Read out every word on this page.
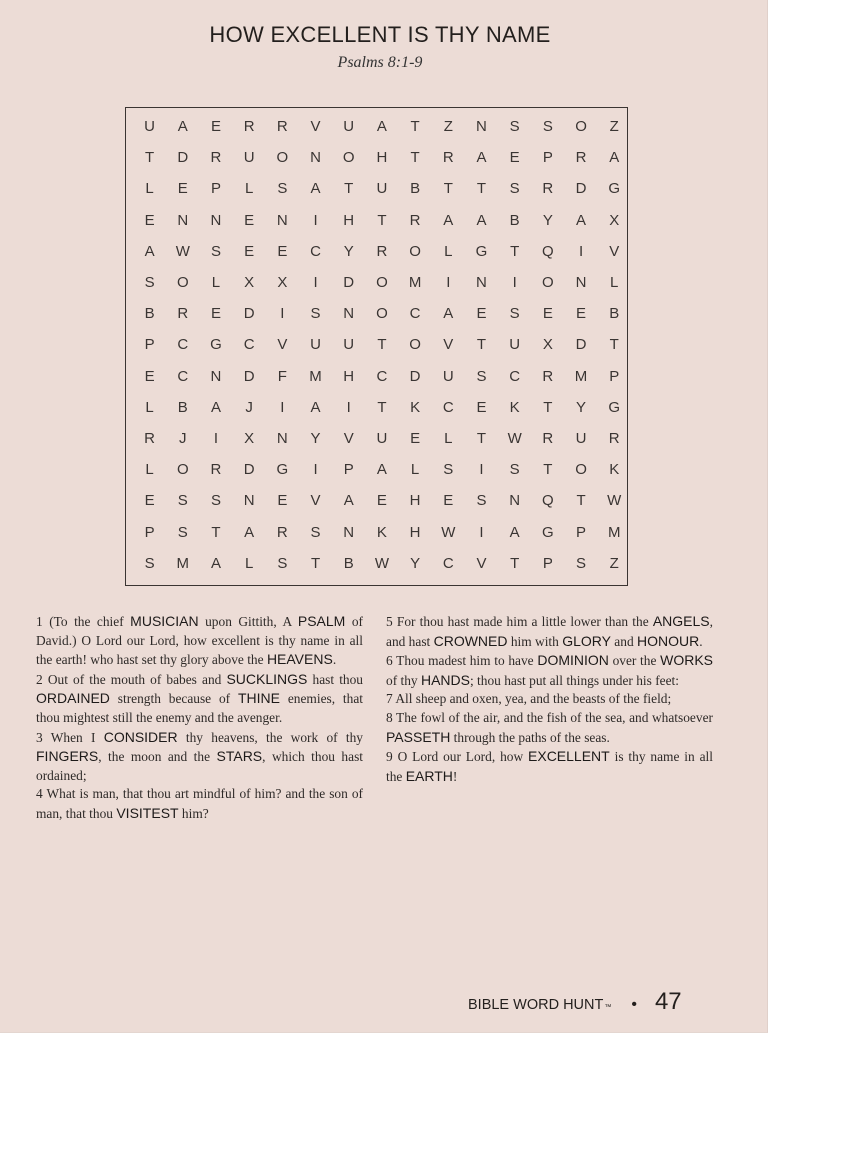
HOW EXCELLENT IS THY NAME
Psalms 8:1-9
U	A	E	R	R	V	U	A	T	Z	N	S	S	O	Z
T	D	R	U	O	N	O	H	T	R	A	E	P	R	A
L	E	P	L	S	A	T	U	B	T	T	S	R	D	G
E	N	N	E	N	I	H	T	R	A	A	B	Y	A	X
A	W	S	E	E	C	Y	R	O	L	G	T	Q	I	V
S	O	L	X	X	I	D	O	M	I	N	I	O	N	L
B	R	E	D	I	S	N	O	C	A	E	S	E	E	B
P	C	G	C	V	U	U	T	O	V	T	U	X	D	T
E	C	N	D	F	M	H	C	D	U	S	C	R	M	P
L	B	A	J	I	A	I	T	K	C	E	K	T	Y	G
R	J	I	X	N	Y	V	U	E	L	T	W	R	U	R
L	O	R	D	G	I	P	A	L	S	I	S	T	O	K
E	S	S	N	E	V	A	E	H	E	S	N	Q	T	W
P	S	T	A	R	S	N	K	H	W	I	A	G	P	M
S	M	A	L	S	T	B	W	Y	C	V	T	P	S	Z

1 (To the chief MUSICIAN upon Gittith, A PSALM of David.) O Lord our Lord, how excellent is thy name in all the earth! who hast set thy glory above the HEAVENS.

2 Out of the mouth of babes and SUCKLINGS hast thou ORDAINED strength because of THINE enemies, that thou mightest still the enemy and the avenger.

3 When I CONSIDER thy heavens, the work of thy FINGERS, the moon and the STARS, which thou hast ordained;

4 What is man, that thou art mindful of him? and the son of man, that thou VISITEST him?

5 For thou hast made him a little lower than the ANGELS, and hast CROWNED him with GLORY and HONOUR.

6 Thou madest him to have DOMINION over the WORKS of thy HANDS; thou hast put all things under his feet:

7 All sheep and oxen, yea, and the beasts of the field;

8 The fowl of the air, and the fish of the sea, and whatsoever PASSETH through the paths of the seas.

9 O Lord our Lord, how EXCELLENT is thy name in all the EARTH!

BIBLE WORD HUNT ™ • 47
